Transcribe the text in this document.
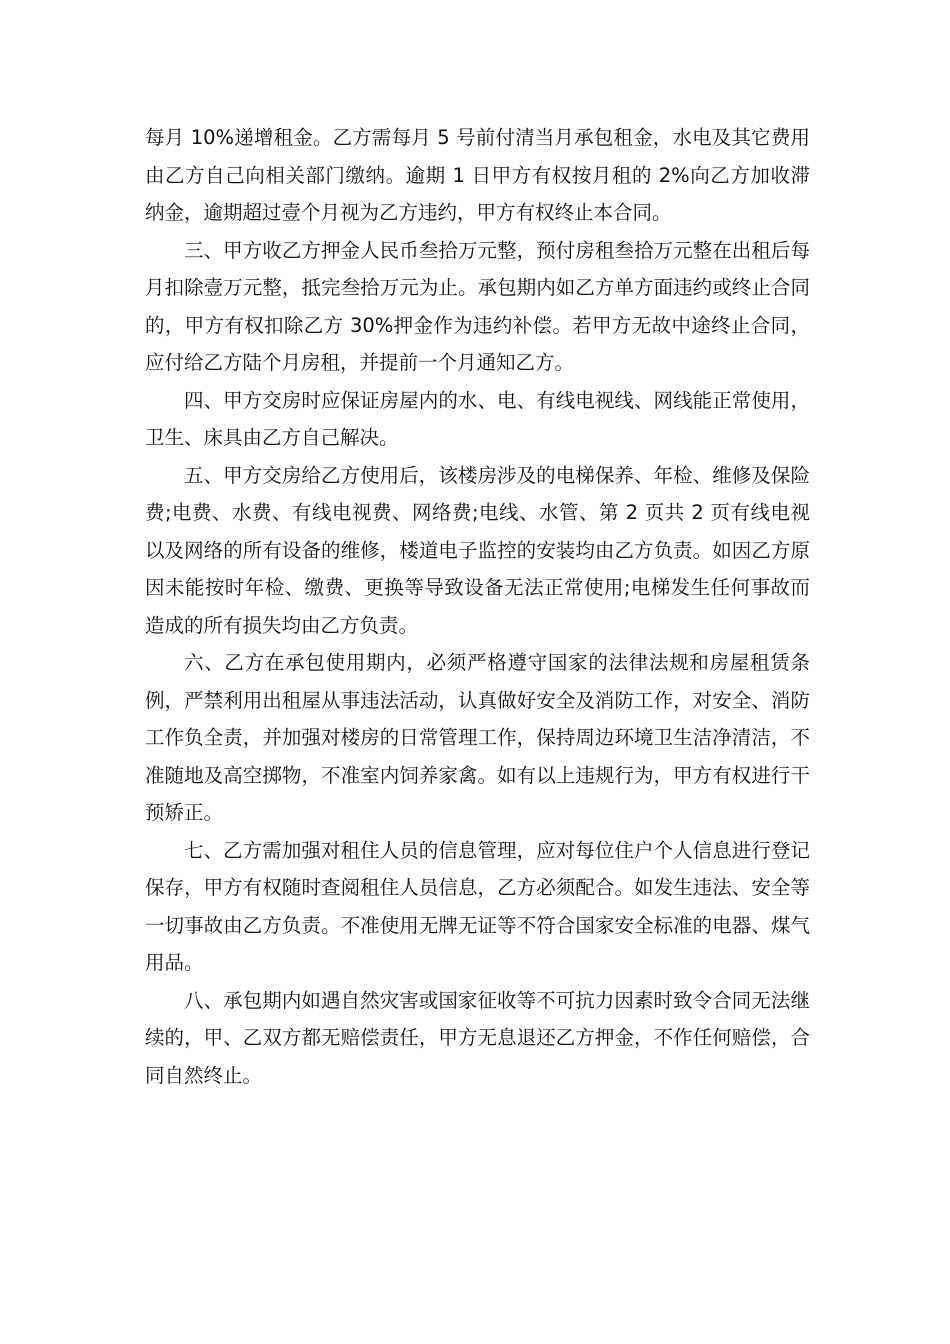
每月 10%递增租金。乙方需每月 5 号前付清当月承包租金，水电及其它费用由乙方自己向相关部门缴纳。逾期 1 日甲方有权按月租的 2%向乙方加收滞纳金，逾期超过壹个月视为乙方违约，甲方有权终止本合同。

三、甲方收乙方押金人民币叁拾万元整，预付房租叁拾万元整在出租后每月扣除壹万元整，抵完叁拾万元为止。承包期内如乙方单方面违约或终止合同的，甲方有权扣除乙方 30%押金作为违约补偿。若甲方无故中途终止合同，应付给乙方陆个月房租，并提前一个月通知乙方。

四、甲方交房时应保证房屋内的水、电、有线电视线、网线能正常使用，卫生、床具由乙方自己解决。

五、甲方交房给乙方使用后，该楼房涉及的电梯保养、年检、维修及保险费;电费、水费、有线电视费、网络费;电线、水管、第 2 页共 2 页有线电视以及网络的所有设备的维修，楼道电子监控的安装均由乙方负责。如因乙方原因未能按时年检、缴费、更换等导致设备无法正常使用;电梯发生任何事故而造成的所有损失均由乙方负责。

六、乙方在承包使用期内，必须严格遵守国家的法律法规和房屋租赁条例，严禁利用出租屋从事违法活动，认真做好安全及消防工作，对安全、消防工作负全责，并加强对楼房的日常管理工作，保持周边环境卫生洁净清洁，不准随地及高空掷物，不准室内饲养家禽。如有以上违规行为，甲方有权进行干预矫正。

七、乙方需加强对租住人员的信息管理，应对每位住户个人信息进行登记保存，甲方有权随时查阅租住人员信息，乙方必须配合。如发生违法、安全等一切事故由乙方负责。不准使用无牌无证等不符合国家安全标准的电器、煤气用品。

八、承包期内如遇自然灾害或国家征收等不可抗力因素时致令合同无法继续的，甲、乙双方都无赔偿责任，甲方无息退还乙方押金，不作任何赔偿，合同自然终止。
